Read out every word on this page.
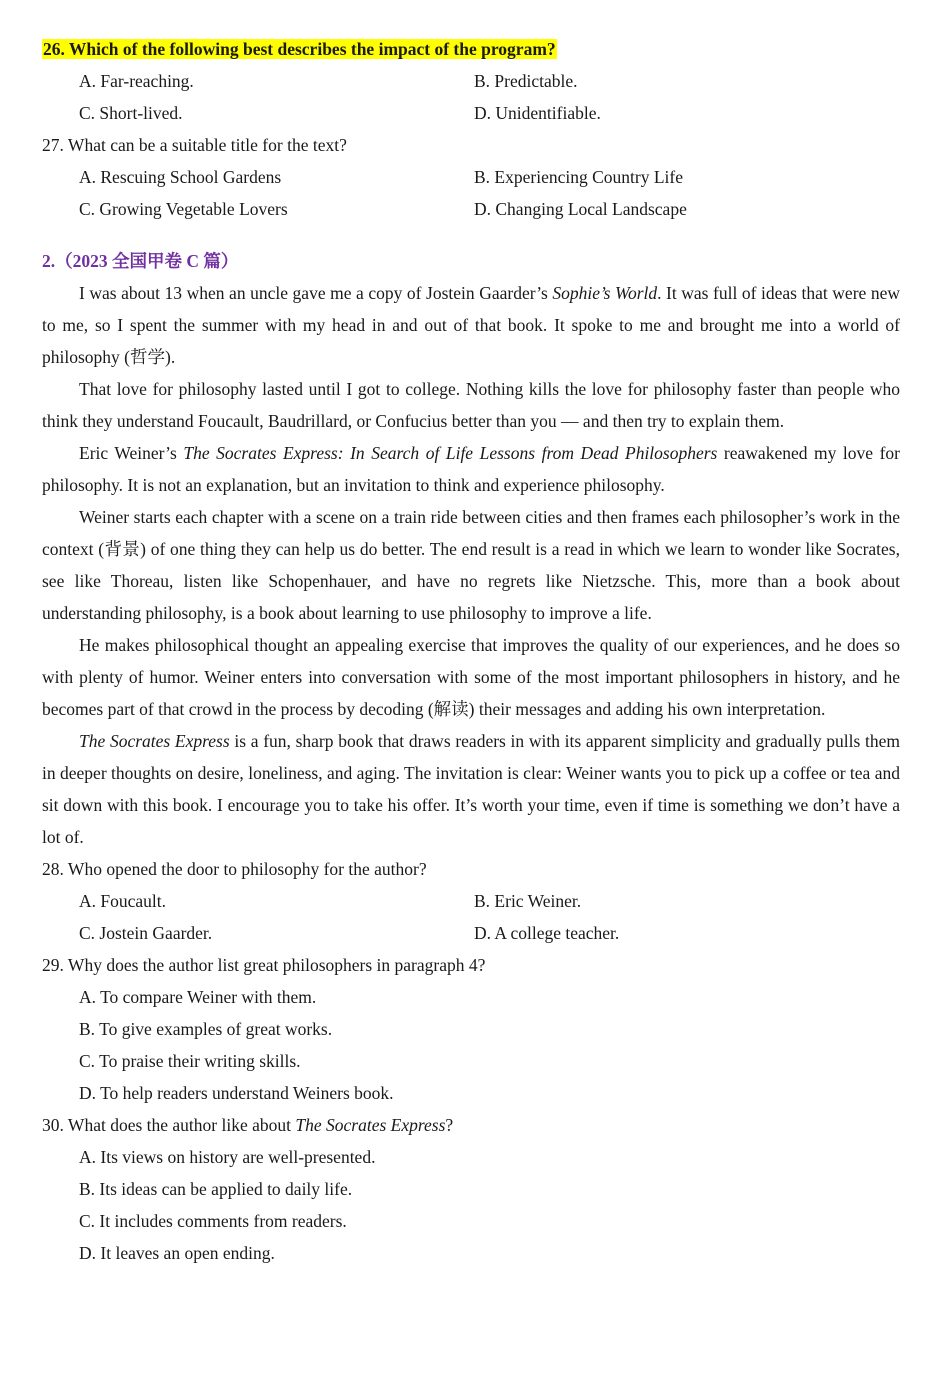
26. Which of the following best describes the impact of the program?
A. Far-reaching.	B. Predictable.
C. Short-lived.	D. Unidentifiable.
27. What can be a suitable title for the text?
A. Rescuing School Gardens	B. Experiencing Country Life
C. Growing Vegetable Lovers	D. Changing Local Landscape
2.（2023 全国甲卷 C 篇）

I was about 13 when an uncle gave me a copy of Jostein Gaarder’s Sophie’s World. It was full of ideas that were new to me, so I spent the summer with my head in and out of that book. It spoke to me and brought me into a world of philosophy (哲学).

That love for philosophy lasted until I got to college. Nothing kills the love for philosophy faster than people who think they understand Foucault, Baudrillard, or Confucius better than you — and then try to explain them.

Eric Weiner’s The Socrates Express: In Search of Life Lessons from Dead Philosophers reawakened my love for philosophy. It is not an explanation, but an invitation to think and experience philosophy.

Weiner starts each chapter with a scene on a train ride between cities and then frames each philosopher’s work in the context (背景) of one thing they can help us do better. The end result is a read in which we learn to wonder like Socrates, see like Thoreau, listen like Schopenhauer, and have no regrets like Nietzsche. This, more than a book about understanding philosophy, is a book about learning to use philosophy to improve a life.

He makes philosophical thought an appealing exercise that improves the quality of our experiences, and he does so with plenty of humor. Weiner enters into conversation with some of the most important philosophers in history, and he becomes part of that crowd in the process by decoding (解读) their messages and adding his own interpretation.

The Socrates Express is a fun, sharp book that draws readers in with its apparent simplicity and gradually pulls them in deeper thoughts on desire, loneliness, and aging. The invitation is clear: Weiner wants you to pick up a coffee or tea and sit down with this book. I encourage you to take his offer. It’s worth your time, even if time is something we don’t have a lot of.

28. Who opened the door to philosophy for the author?
A. Foucault.	B. Eric Weiner.
C. Jostein Gaarder.	D. A college teacher.
29. Why does the author list great philosophers in paragraph 4?
A. To compare Weiner with them.
B. To give examples of great works.
C. To praise their writing skills.
D. To help readers understand Weiners book.
30. What does the author like about The Socrates Express?
A. Its views on history are well-presented.
B. Its ideas can be applied to daily life.
C. It includes comments from readers.
D. It leaves an open ending.
